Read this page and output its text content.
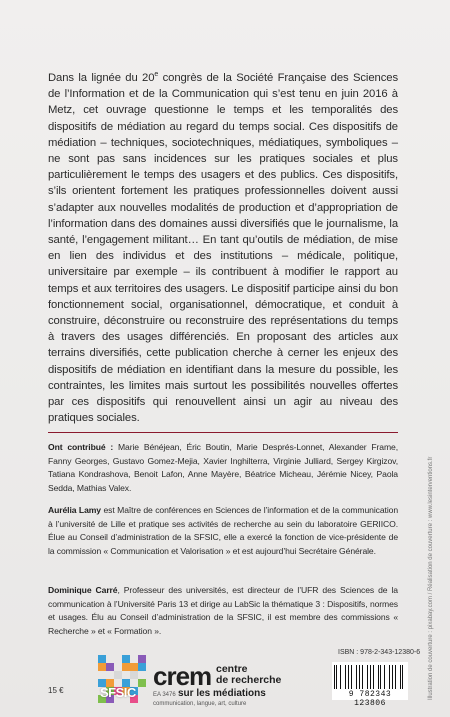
Dans la lignée du 20e congrès de la Société Française des Sciences de l’Information et de la Communication qui s’est tenu en juin 2016 à Metz, cet ouvrage questionne le temps et les temporalités des dispositifs de médiation au regard du temps social. Ces dispositifs de médiation – techniques, sociotechniques, médiatiques, symboliques – ne sont pas sans incidences sur les pratiques sociales et plus particulièrement le temps des usagers et des publics. Ces dispositifs, s’ils orientent fortement les pratiques professionnelles doivent aussi s’adapter aux nouvelles modalités de production et d’appropriation de l’information dans des domaines aussi diversifiés que le journalisme, la santé, l’engagement militant… En tant qu’outils de médiation, de mise en lien des individus et des institutions – médicale, politique, universitaire par exemple – ils contribuent à modifier le rapport au temps et aux territoires des usagers. Le dispositif participe ainsi du bon fonctionnement social, organisationnel, démocratique, et conduit à construire, déconstruire ou reconstruire des représentations du temps à travers des usages différenciés. En proposant des articles aux terrains diversifiés, cette publication cherche à cerner les enjeux des dispositifs de médiation en identifiant dans la mesure du possible, les contraintes, les limites mais surtout les possibilités nouvelles offertes par ces dispositifs qui renouvellent ainsi un agir au niveau des pratiques sociales.

Ont contribué : Marie Bénéjean, Éric Boutin, Marie Després-Lonnet, Alexander Frame, Fanny Georges, Gustavo Gomez-Mejia, Xavier Inghilterra, Virginie Julliard, Sergey Kirgizov, Tatiana Kondrashova, Benoit Lafon, Anne Mayère, Béatrice Micheau, Jérémie Nicey, Paola Sedda, Mathias Valex.

Aurélia Lamy est Maître de conférences en Sciences de l’information et de la communication à l’université de Lille et pratique ses activités de recherche au sein du laboratoire GERIICO. Élue au Conseil d’administration de la SFSIC, elle a exercé la fonction de vice-présidente de la commission « Communication et Valorisation » et est aujourd’hui Secrétaire Générale.

Dominique Carré, Professeur des universités, est directeur de l’UFR des Sciences de la communication à l’Université Paris 13 et dirige au LabSic la thématique 3 : Dispositifs, normes et usages. Élu au Conseil d’administration de la SFSIC, il est membre des commissions « Recherche » et « Formation ».	Illustration de couverture : pixabay.com / Réalisation de couverture : www.lesinterventions.fr
SFSIC
crem centre
de recherche
EA 3476 sur les médiations
communication, langue, art, culture
ISBN : 978-2-343-12380-6
9 782343 123806
15 €
